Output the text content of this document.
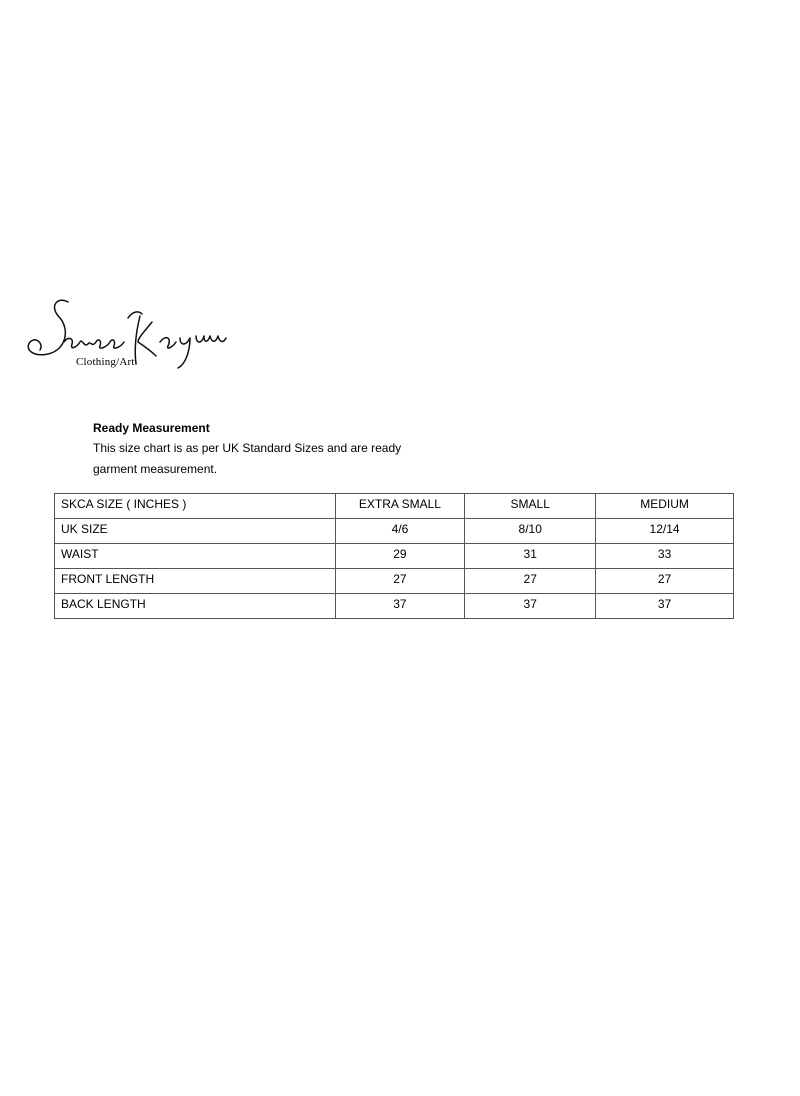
Clothing/Art
Ready Measurement
This size chart is as per UK Standard Sizes and are ready
garment measurement.
SKCA SIZE ( INCHES )	EXTRA SMALL	SMALL	MEDIUM
UK SIZE	4/6	8/10	12/14
WAIST	29	31	33
FRONT LENGTH	27	27	27
BACK LENGTH	37	37	37
